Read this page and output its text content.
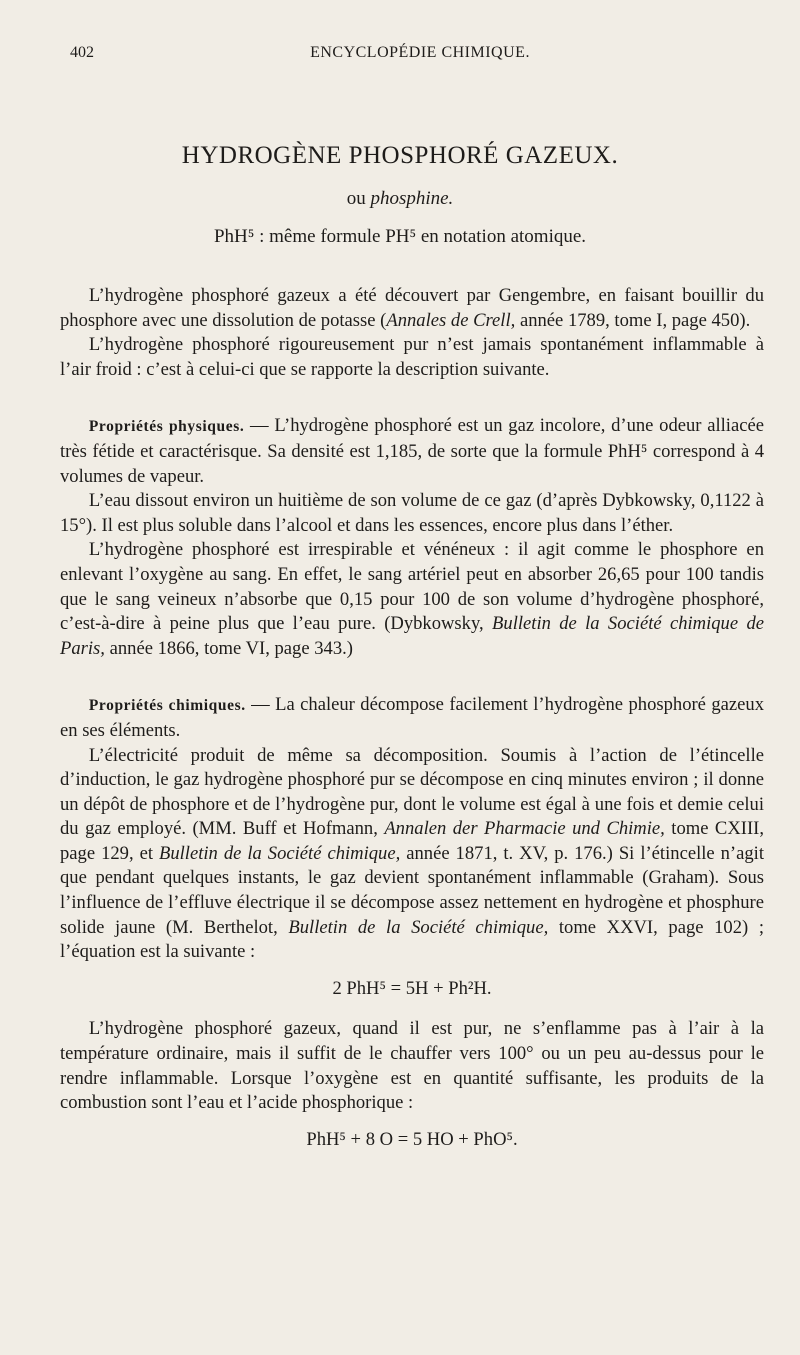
402	ENCYCLOPÉDIE CHIMIQUE.
HYDROGÈNE PHOSPHORÉ GAZEUX.
ou phosphine.
PhH⁵ : même formule PH⁵ en notation atomique.

L’hydrogène phosphoré gazeux a été découvert par Gengembre, en faisant bouillir du phosphore avec une dissolution de potasse (Annales de Crell, année 1789, tome I, page 450).

L’hydrogène phosphoré rigoureusement pur n’est jamais spontanément inflammable à l’air froid : c’est à celui-ci que se rapporte la description suivante.

Propriétés physiques. — L’hydrogène phosphoré est un gaz incolore, d’une odeur alliacée très fétide et caractérisque. Sa densité est 1,185, de sorte que la formule PhH⁵ correspond à 4 volumes de vapeur.

L’eau dissout environ un huitième de son volume de ce gaz (d’après Dybkowsky, 0,1122 à 15°). Il est plus soluble dans l’alcool et dans les essences, encore plus dans l’éther.

L’hydrogène phosphoré est irrespirable et vénéneux : il agit comme le phosphore en enlevant l’oxygène au sang. En effet, le sang artériel peut en absorber 26,65 pour 100 tandis que le sang veineux n’absorbe que 0,15 pour 100 de son volume d’hydrogène phosphoré, c’est-à-dire à peine plus que l’eau pure. (Dybkowsky, Bulletin de la Société chimique de Paris, année 1866, tome VI, page 343.)

Propriétés chimiques. — La chaleur décompose facilement l’hydrogène phosphoré gazeux en ses éléments.

L’électricité produit de même sa décomposition. Soumis à l’action de l’étincelle d’induction, le gaz hydrogène phosphoré pur se décompose en cinq minutes environ ; il donne un dépôt de phosphore et de l’hydrogène pur, dont le volume est égal à une fois et demie celui du gaz employé. (MM. Buff et Hofmann, Annalen der Pharmacie und Chimie, tome CXIII, page 129, et Bulletin de la Société chimique, année 1871, t. XV, p. 176.) Si l’étincelle n’agit que pendant quelques instants, le gaz devient spontanément inflammable (Graham). Sous l’influence de l’effluve électrique il se décompose assez nettement en hydrogène et phosphure solide jaune (M. Berthelot, Bulletin de la Société chimique, tome XXVI, page 102) ; l’équation est la suivante :

2 PhH⁵ = 5H + Ph²H.

L’hydrogène phosphoré gazeux, quand il est pur, ne s’enflamme pas à l’air à la température ordinaire, mais il suffit de le chauffer vers 100° ou un peu au-dessus pour le rendre inflammable. Lorsque l’oxygène est en quantité suffisante, les produits de la combustion sont l’eau et l’acide phosphorique :

PhH⁵ + 8 O = 5 HO + PhO⁵.
